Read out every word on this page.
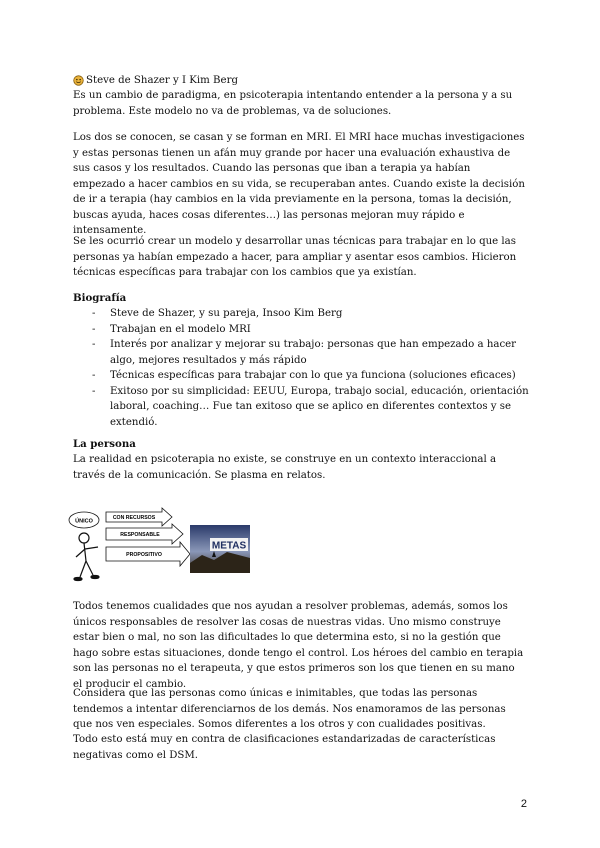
Steve de Shazer y I Kim Berg
Es un cambio de paradigma, en psicoterapia intentando entender a la persona y a su problema. Este modelo no va de problemas, va de soluciones.
Los dos se conocen, se casan y se forman en MRI. El MRI hace muchas investigaciones y estas personas tienen un afán muy grande por hacer una evaluación exhaustiva de sus casos y los resultados. Cuando las personas que iban a terapia ya habían empezado a hacer cambios en su vida, se recuperaban antes. Cuando existe la decisión de ir a terapia (hay cambios en la vida previamente en la persona, tomas la decisión, buscas ayuda, haces cosas diferentes…) las personas mejoran muy rápido e intensamente.
Se les ocurrió crear un modelo y desarrollar unas técnicas para trabajar en lo que las personas ya habían empezado a hacer, para ampliar y asentar esos cambios. Hicieron técnicas específicas para trabajar con los cambios que ya existían.
Biografía
- Steve de Shazer, y su pareja, Insoo Kim Berg
- Trabajan en el modelo MRI
- Interés por analizar y mejorar su trabajo: personas que han empezado a hacer algo, mejores resultados y más rápido
- Técnicas específicas para trabajar con lo que ya funciona (soluciones eficaces)
- Exitoso por su simplicidad: EEUU, Europa, trabajo social, educación, orientación laboral, coaching… Fue tan exitoso que se aplico en diferentes contextos y se extendió.
La persona
La realidad en psicoterapia no existe, se construye en un contexto interaccional a través de la comunicación. Se plasma en relatos.
ÚNICO
CON RECURSOS
RESPONSABLE
PROPOSITIVO
METAS
Todos tenemos cualidades que nos ayudan a resolver problemas, además, somos los únicos responsables de resolver las cosas de nuestras vidas. Uno mismo construye estar bien o mal, no son las dificultades lo que determina esto, si no la gestión que hago sobre estas situaciones, donde tengo el control. Los héroes del cambio en terapia son las personas no el terapeuta, y que estos primeros son los que tienen en su mano el producir el cambio.
Considera que las personas como únicas e inimitables, que todas las personas tendemos a intentar diferenciarnos de los demás. Nos enamoramos de las personas que nos ven especiales. Somos diferentes a los otros y con cualidades positivas.
Todo esto está muy en contra de clasificaciones estandarizadas de características negativas como el DSM.
2
